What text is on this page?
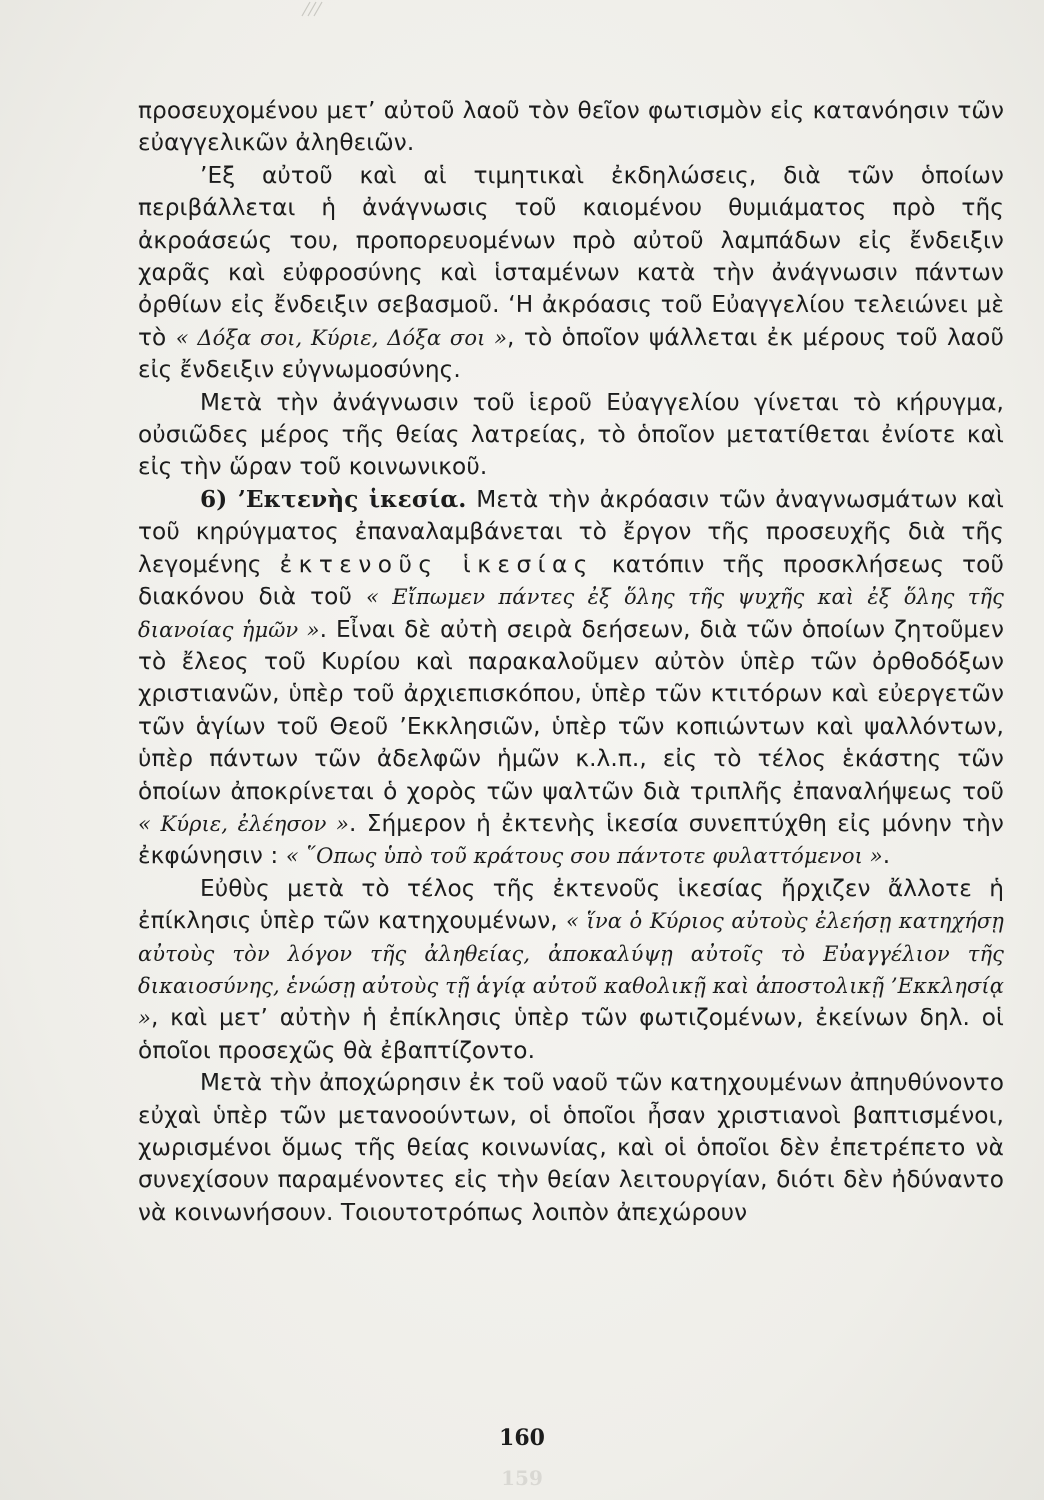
προσευχομένου μετ’ αὐτοῦ λαοῦ τὸν θεῖον φωτισμὸν εἰς κατανόησιν τῶν εὐαγγελικῶν ἀληθειῶν.

’Εξ αὐτοῦ καὶ αἱ τιμητικαὶ ἐκδηλώσεις, διὰ τῶν ὁποίων περιβάλλεται ἡ ἀνάγνωσις τοῦ καιομένου θυμιάματος πρὸ τῆς ἀκροάσεώς του, προπορευομένων πρὸ αὐτοῦ λαμπάδων εἰς ἔνδειξιν χαρᾶς καὶ εὐφροσύνης καὶ ἱσταμένων κατὰ τὴν ἀνάγνωσιν πάντων ὀρθίων εἰς ἔνδειξιν σεβασμοῦ. ‘Η ἀκρόασις τοῦ Εὐαγγελίου τελειώνει μὲ τὸ « Δόξα σοι, Κύριε, Δόξα σοι », τὸ ὁποῖον ψάλλεται ἐκ μέρους τοῦ λαοῦ εἰς ἔνδειξιν εὐγνωμοσύνης.

Μετὰ τὴν ἀνάγνωσιν τοῦ ἱεροῦ Εὐαγγελίου γίνεται τὸ κήρυγμα, οὐσιῶδες μέρος τῆς θείας λατρείας, τὸ ὁποῖον μετατίθεται ἐνίοτε καὶ εἰς τὴν ὥραν τοῦ κοινωνικοῦ.

6) ’Εκτενὴς ἱκεσία. Μετὰ τὴν ἀκρόασιν τῶν ἀναγνωσμάτων καὶ τοῦ κηρύγματος ἐπαναλαμβάνεται τὸ ἔργον τῆς προσευχῆς διὰ τῆς λεγομένης ἐκτενοῦς ἱκεσίας κατόπιν τῆς προσκλήσεως τοῦ διακόνου διὰ τοῦ « Εἴπωμεν πάντες ἐξ ὅλης τῆς ψυχῆς καὶ ἐξ ὅλης τῆς διανοίας ἡμῶν ». Εἶναι δὲ αὐτὴ σειρὰ δεήσεων, διὰ τῶν ὁποίων ζητοῦμεν τὸ ἔλεος τοῦ Κυρίου καὶ παρακαλοῦμεν αὐτὸν ὑπὲρ τῶν ὀρθοδόξων χριστιανῶν, ὑπὲρ τοῦ ἀρχιεπισκόπου, ὑπὲρ τῶν κτιτόρων καὶ εὐεργετῶν τῶν ἁγίων τοῦ Θεοῦ ’Εκκλησιῶν, ὑπὲρ τῶν κοπιώντων καὶ ψαλλόντων, ὑπὲρ πάντων τῶν ἀδελφῶν ἡμῶν κ.λ.π., εἰς τὸ τέλος ἑκάστης τῶν ὁποίων ἀποκρίνεται ὁ χορὸς τῶν ψαλτῶν διὰ τριπλῆς ἐπαναλήψεως τοῦ « Κύριε, ἐλέησον ». Σήμερον ἡ ἐκτενὴς ἱκεσία συνεπτύχθη εἰς μόνην τὴν ἐκφώνησιν : « ῞Οπως ὑπὸ τοῦ κράτους σου πάντοτε φυλαττόμενοι ».

Εὐθὺς μετὰ τὸ τέλος τῆς ἐκτενοῦς ἱκεσίας ἤρχιζεν ἄλλοτε ἡ ἐπίκλησις ὑπὲρ τῶν κατηχουμένων, « ἵνα ὁ Κύριος αὐτοὺς ἐλεήσῃ κατηχήσῃ αὐτοὺς τὸν λόγον τῆς ἀληθείας, ἀποκαλύψῃ αὐτοῖς τὸ Εὐαγγέλιον τῆς δικαιοσύνης, ἑνώσῃ αὐτοὺς τῇ ἁγίᾳ αὐτοῦ καθολικῇ καὶ ἀποστολικῇ ’Εκκλησίᾳ », καὶ μετ’ αὐτὴν ἡ ἐπίκλησις ὑπὲρ τῶν φωτιζομένων, ἐκείνων δηλ. οἱ ὁποῖοι προσεχῶς θὰ ἐβαπτίζοντο.

Μετὰ τὴν ἀποχώρησιν ἐκ τοῦ ναοῦ τῶν κατηχουμένων ἀπηυθύνοντο εὐχαὶ ὑπὲρ τῶν μετανοούντων, οἱ ὁποῖοι ἦσαν χριστιανοὶ βαπτισμένοι, χωρισμένοι ὅμως τῆς θείας κοινωνίας, καὶ οἱ ὁποῖοι δὲν ἐπετρέπετο νὰ συνεχίσουν παραμένοντες εἰς τὴν θείαν λειτουργίαν, διότι δὲν ἠδύναντο νὰ κοινωνήσουν. Τοιουτοτρόπως λοιπὸν ἀπεχώρουν

160
159
